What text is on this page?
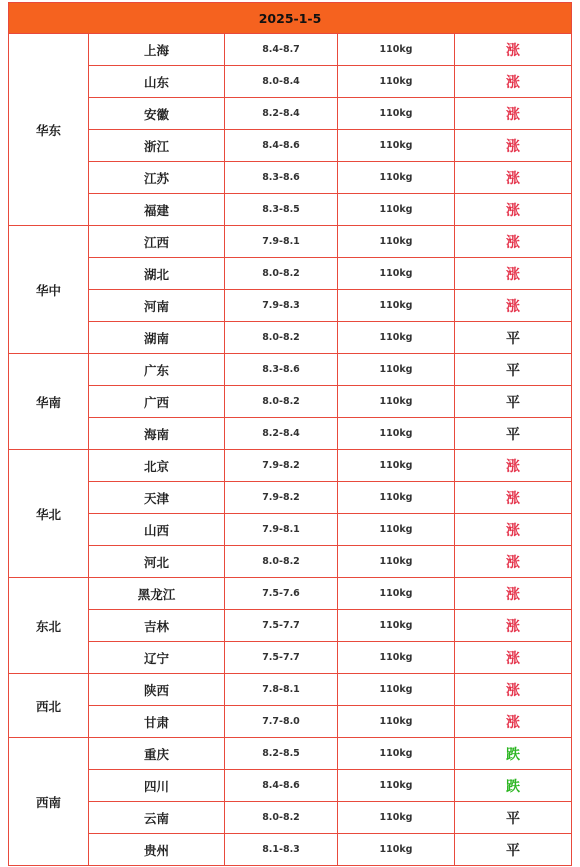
2025-1-5				
华东	上海	8.4-8.7	110kg	涨
	山东	8.0-8.4	110kg	涨
	安徽	8.2-8.4	110kg	涨
	浙江	8.4-8.6	110kg	涨
	江苏	8.3-8.6	110kg	涨
	福建	8.3-8.5	110kg	涨
华中	江西	7.9-8.1	110kg	涨
	湖北	8.0-8.2	110kg	涨
	河南	7.9-8.3	110kg	涨
	湖南	8.0-8.2	110kg	平
华南	广东	8.3-8.6	110kg	平
	广西	8.0-8.2	110kg	平
	海南	8.2-8.4	110kg	平
华北	北京	7.9-8.2	110kg	涨
	天津	7.9-8.2	110kg	涨
	山西	7.9-8.1	110kg	涨
	河北	8.0-8.2	110kg	涨
东北	黑龙江	7.5-7.6	110kg	涨
	吉林	7.5-7.7	110kg	涨
	辽宁	7.5-7.7	110kg	涨
西北	陕西	7.8-8.1	110kg	涨
	甘肃	7.7-8.0	110kg	涨
西南	重庆	8.2-8.5	110kg	跌
	四川	8.4-8.6	110kg	跌
	云南	8.0-8.2	110kg	平
	贵州	8.1-8.3	110kg	平
